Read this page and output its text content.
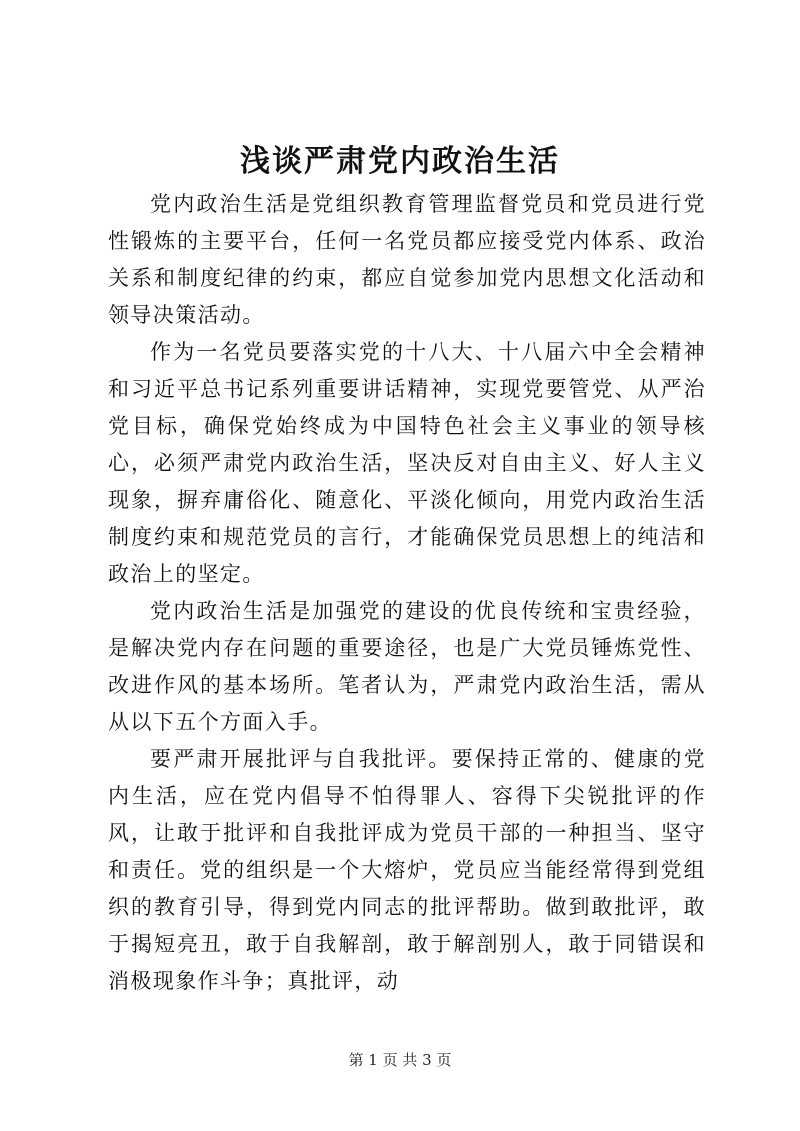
浅谈严肃党内政治生活

党内政治生活是党组织教育管理监督党员和党员进行党性锻炼的主要平台，任何一名党员都应接受党内体系、政治关系和制度纪律的约束，都应自觉参加党内思想文化活动和领导决策活动。

作为一名党员要落实党的十八大、十八届六中全会精神和习近平总书记系列重要讲话精神，实现党要管党、从严治党目标，确保党始终成为中国特色社会主义事业的领导核心，必须严肃党内政治生活，坚决反对自由主义、好人主义现象，摒弃庸俗化、随意化、平淡化倾向，用党内政治生活制度约束和规范党员的言行，才能确保党员思想上的纯洁和政治上的坚定。

党内政治生活是加强党的建设的优良传统和宝贵经验，是解决党内存在问题的重要途径，也是广大党员锤炼党性、改进作风的基本场所。笔者认为，严肃党内政治生活，需从从以下五个方面入手。

要严肃开展批评与自我批评。要保持正常的、健康的党内生活，应在党内倡导不怕得罪人、容得下尖锐批评的作风，让敢于批评和自我批评成为党员干部的一种担当、坚守和责任。党的组织是一个大熔炉，党员应当能经常得到党组织的教育引导，得到党内同志的批评帮助。做到敢批评，敢于揭短亮丑，敢于自我解剖，敢于解剖别人，敢于同错误和消极现象作斗争；真批评，动

第 1 页 共 3 页
